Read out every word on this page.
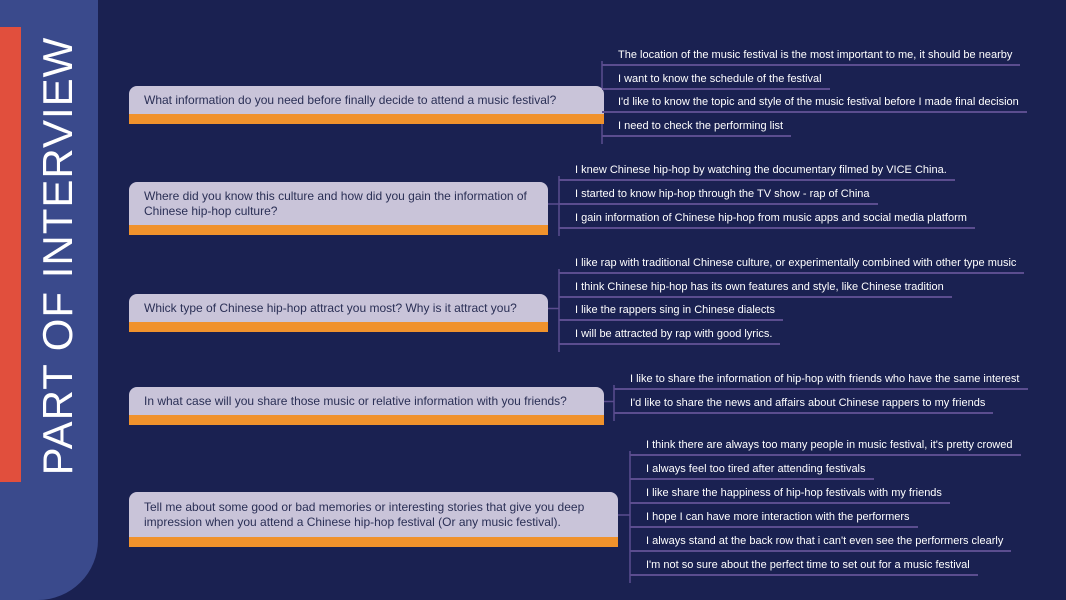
PART OF INTERVIEW	What information do you need before finally decide to attend a music festival?
The location of the music festival is the most important to me, it should be nearby
I want to know the schedule of the festival
I'd like to know the topic and style of the music festival before I made final decision
I need to check the performing list
Where did you know this culture and how did you gain the information of Chinese hip-hop culture?
I knew Chinese hip-hop by watching the documentary filmed by VICE China.
I started to know hip-hop through the TV show - rap of China
I gain information of Chinese hip-hop from music apps and social media platform
Whick type of Chinese hip-hop attract you most? Why is it attract you?
I like rap with traditional Chinese culture, or experimentally combined with other type music
I think Chinese hip-hop has its own features and style, like Chinese tradition
I like the rappers sing in Chinese dialects
I will be attracted by rap with good lyrics.
In what case will you share those music or relative information with you friends?
I like to share the information of hip-hop with friends who have the same interest
I'd like to share the news and affairs about Chinese rappers to my friends
Tell me about some good or bad memories or interesting stories that give you deep impression when you attend a Chinese hip-hop festival (Or any music festival).
I think there are always too many people in music festival, it's pretty crowed
I always feel too tired after attending festivals
I like share the happiness of hip-hop festivals with my friends
I hope I can have more interaction with the performers
I always stand at the back row that i can't even see the performers clearly
I'm not so sure about the perfect time to set out for a music festival
